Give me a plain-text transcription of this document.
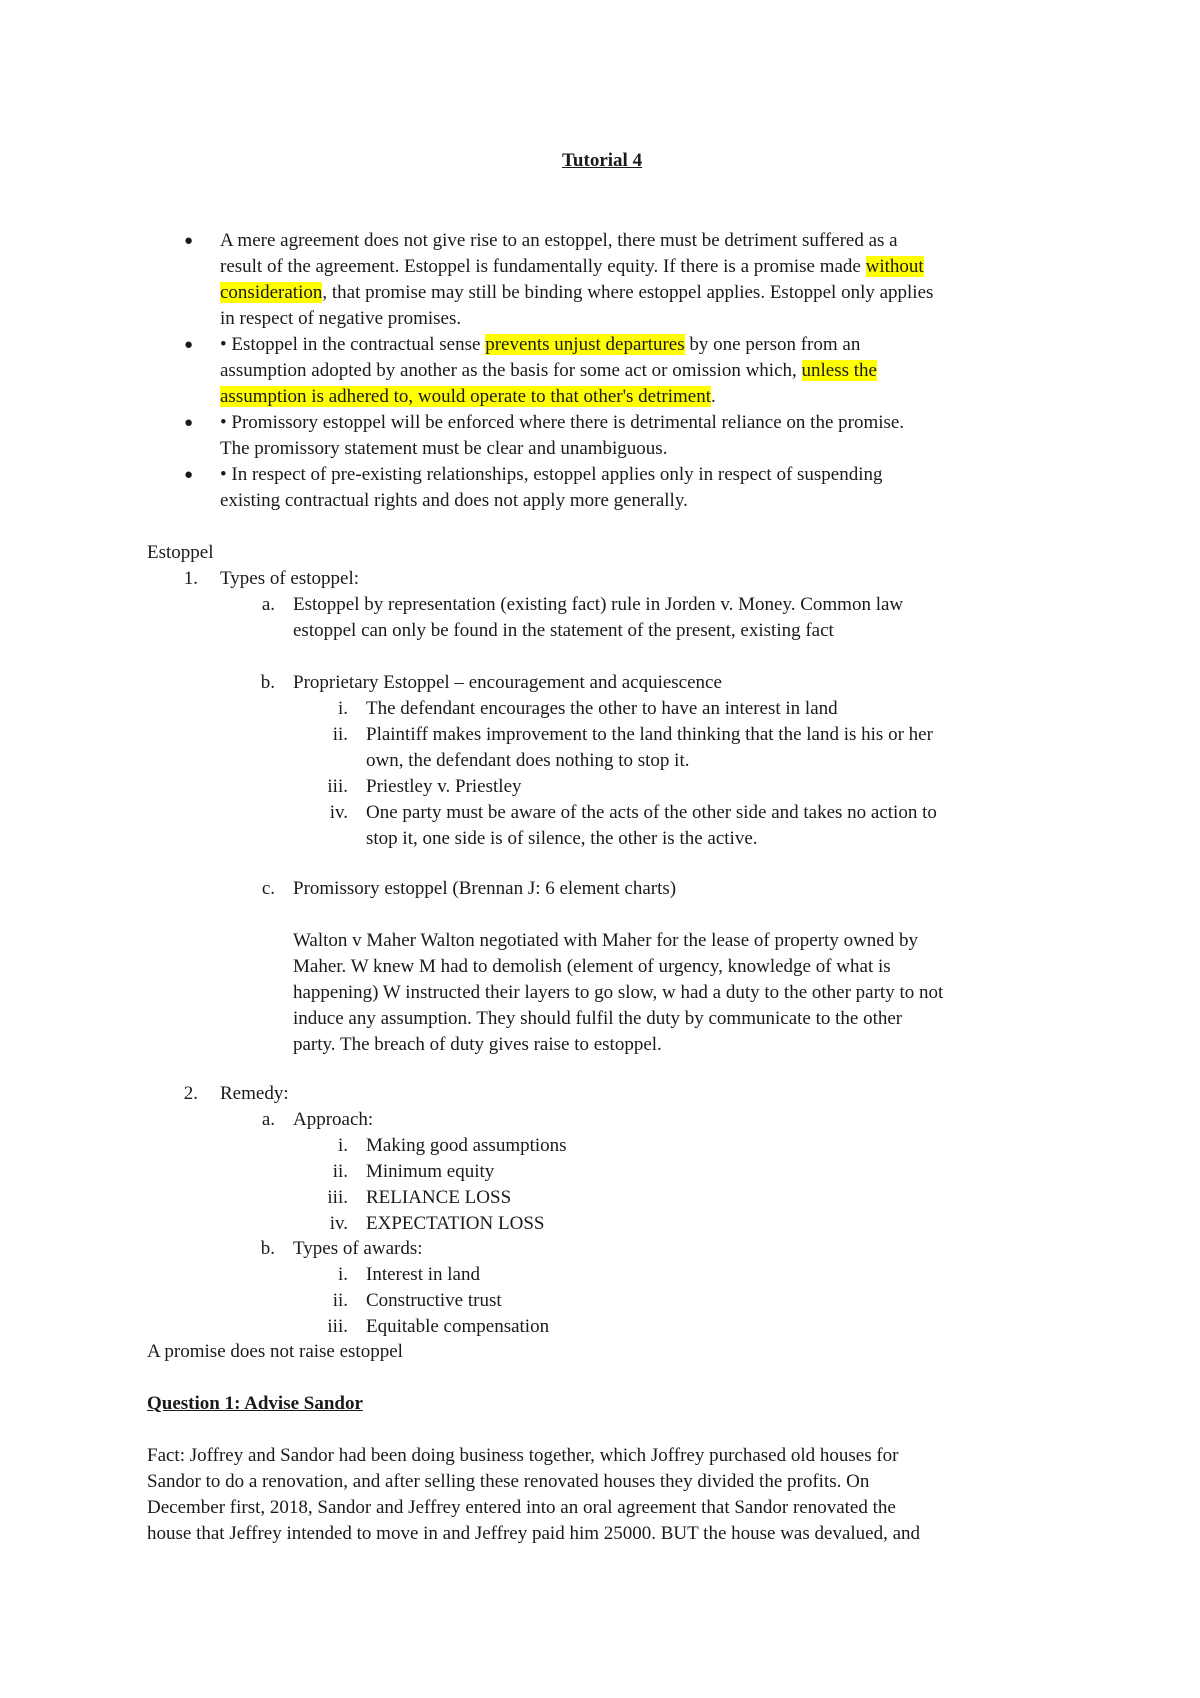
Tutorial 4
● A mere agreement does not give rise to an estoppel, there must be detriment suffered as a
result of the agreement. Estoppel is fundamentally equity. If there is a promise made without
consideration, that promise may still be binding where estoppel applies. Estoppel only applies
in respect of negative promises.
● • Estoppel in the contractual sense prevents unjust departures by one person from an
assumption adopted by another as the basis for some act or omission which, unless the
assumption is adhered to, would operate to that other's detriment.
● • Promissory estoppel will be enforced where there is detrimental reliance on the promise.
The promissory statement must be clear and unambiguous.
● • In respect of pre-existing relationships, estoppel applies only in respect of suspending
existing contractual rights and does not apply more generally.
Estoppel
1. Types of estoppel:
a. Estoppel by representation (existing fact) rule in Jorden v. Money. Common law
estoppel can only be found in the statement of the present, existing fact
b. Proprietary Estoppel – encouragement and acquiescence
i. The defendant encourages the other to have an interest in land
ii. Plaintiff makes improvement to the land thinking that the land is his or her
own, the defendant does nothing to stop it.
iii. Priestley v. Priestley
iv. One party must be aware of the acts of the other side and takes no action to
stop it, one side is of silence, the other is the active.
c. Promissory estoppel (Brennan J: 6 element charts)
Walton v Maher Walton negotiated with Maher for the lease of property owned by
Maher. W knew M had to demolish (element of urgency, knowledge of what is
happening) W instructed their layers to go slow, w had a duty to the other party to not
induce any assumption. They should fulfil the duty by communicate to the other
party. The breach of duty gives raise to estoppel.
2. Remedy:
a. Approach:
i. Making good assumptions
ii. Minimum equity
iii. RELIANCE LOSS
iv. EXPECTATION LOSS
b. Types of awards:
i. Interest in land
ii. Constructive trust
iii. Equitable compensation
A promise does not raise estoppel
Question 1: Advise Sandor
Fact: Joffrey and Sandor had been doing business together, which Joffrey purchased old houses for
Sandor to do a renovation, and after selling these renovated houses they divided the profits. On
December first, 2018, Sandor and Jeffrey entered into an oral agreement that Sandor renovated the
house that Jeffrey intended to move in and Jeffrey paid him 25000. BUT the house was devalued, and
